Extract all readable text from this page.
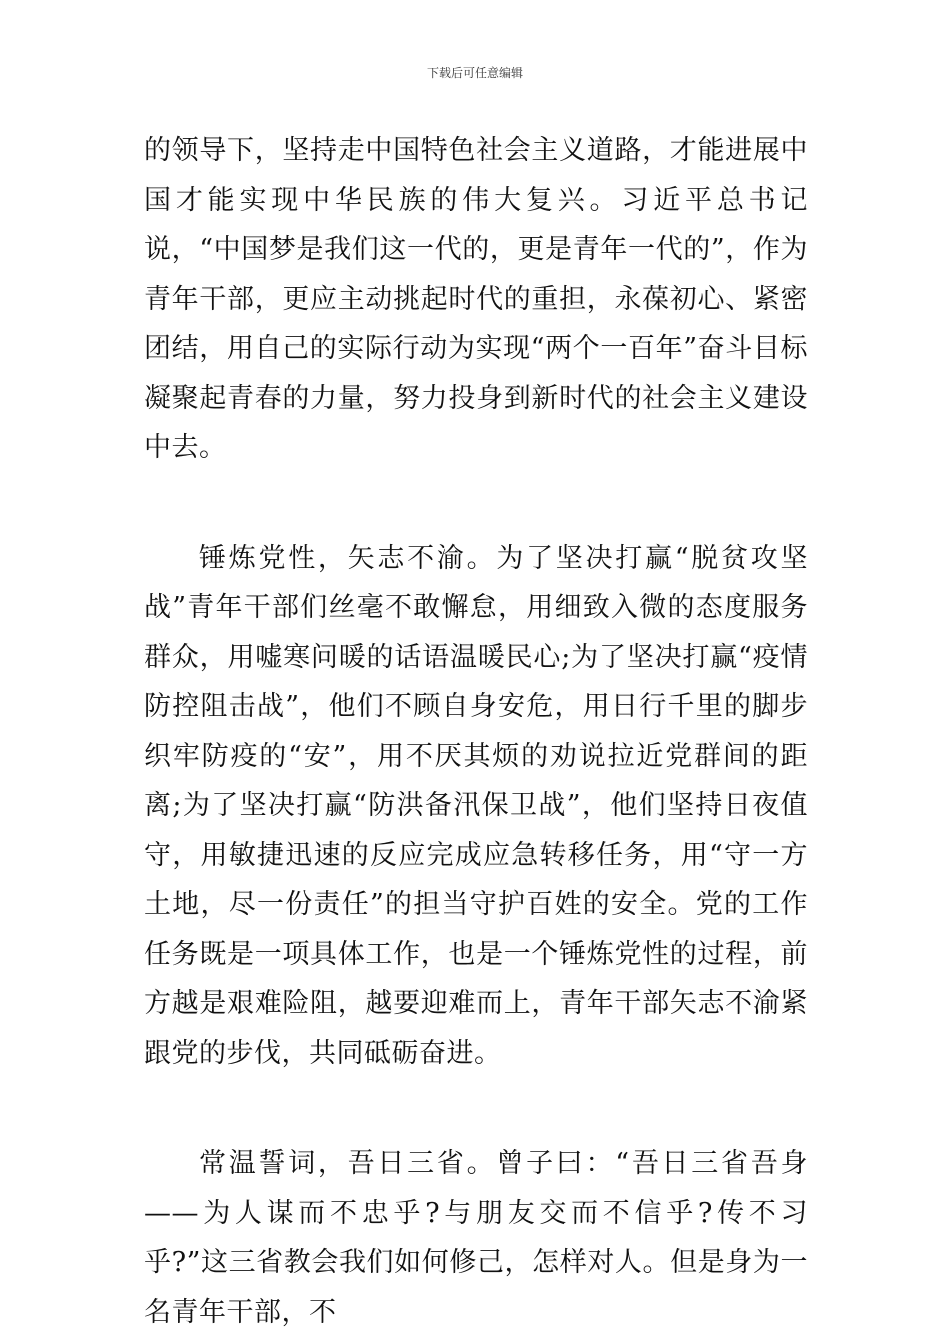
下载后可任意编辑

的领导下，坚持走中国特色社会主义道路，才能进展中国才能实现中华民族的伟大复兴。习近平总书记说，“中国梦是我们这一代的，更是青年一代的”，作为青年干部，更应主动挑起时代的重担，永葆初心、紧密团结，用自己的实际行动为实现“两个一百年”奋斗目标凝聚起青春的力量，努力投身到新时代的社会主义建设中去。

锤炼党性，矢志不渝。为了坚决打赢“脱贫攻坚战”青年干部们丝毫不敢懈怠，用细致入微的态度服务群众，用嘘寒问暖的话语温暖民心;为了坚决打赢“疫情防控阻击战”，他们不顾自身安危，用日行千里的脚步织牢防疫的“安”，用不厌其烦的劝说拉近党群间的距离;为了坚决打赢“防洪备汛保卫战”，他们坚持日夜值守，用敏捷迅速的反应完成应急转移任务，用“守一方土地，尽一份责任”的担当守护百姓的安全。党的工作任务既是一项具体工作，也是一个锤炼党性的过程，前方越是艰难险阻，越要迎难而上，青年干部矢志不渝紧跟党的步伐，共同砥砺奋进。

常温誓词，吾日三省。曾子曰：“吾日三省吾身——为人谋而不忠乎?与朋友交而不信乎?传不习乎?”这三省教会我们如何修己，怎样对人。但是身为一名青年干部，不
